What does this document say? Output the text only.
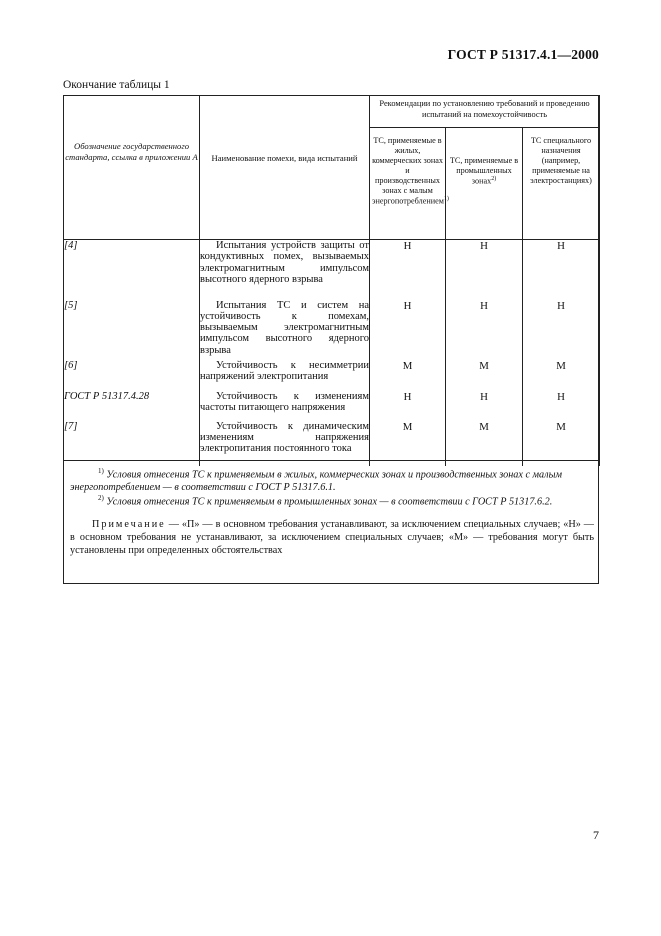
ГОСТ Р 51317.4.1—2000
Окончание таблицы 1
Обозначение государственного стандарта, ссылка в приложении А	Наименование помехи, вида испытаний	Рекомендации по установлению требований и проведению испытаний на помехоустойчивость		

		ТС, применяемые в жилых, коммерческих зонах и производственных зонах с малым энергопотреблением$^{1)}$	ТС, применяемые в промышленных зонах$^{2)}$	ТС специального назначения (например, применяемые на электростанциях)

[4]	Испытания устройств защиты от кондуктивных помех, вызываемых электромагнитным импульсом высотного ядерного взрыва	Н	Н	Н
[5]	Испытания ТС и систем на устойчивость к помехам, вызываемым электромагнитным импульсом высотного ядерного взрыва	Н	Н	Н
[6]	Устойчивость к несимметрии напряжений электропитания	М	М	М
ГОСТ Р 51317.4.28	Устойчивость к изменениям частоты питающего напряжения	Н	Н	Н
[7]	Устойчивость к динамическим изменениям напряжения электропитания постоянного тока	М	М	М
$^{1)}$ Условия отнесения ТС к применяемым в жилых, коммерческих зонах и производственных зонах с малым энергопотреблением — в соответствии с ГОСТ Р 51317.6.1.
$^{2)}$ Условия отнесения ТС к применяемым в промышленных зонах — в соответствии с ГОСТ Р 51317.6.2.
Примечание — «П» — в основном требования устанавливают, за исключением специальных случаев; «Н» — в основном требования не устанавливают, за исключением специальных случаев; «М» — требования могут быть установлены при определенных обстоятельствах
7
